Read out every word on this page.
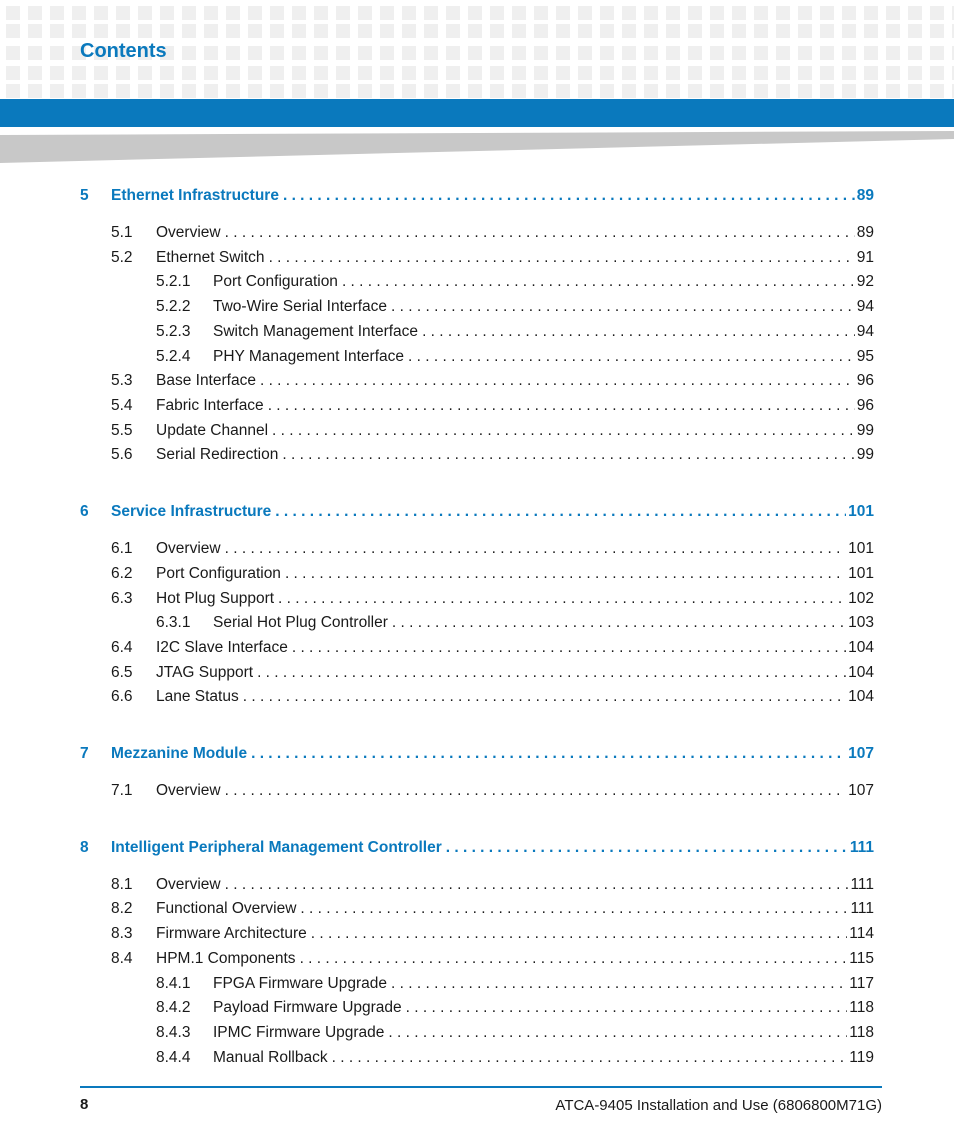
Contents
5	Ethernet Infrastructure . . .	89
5.1	Overview . . .	89
5.2	Ethernet Switch . . .	91
5.2.1	Port Configuration . . .	92
5.2.2	Two-Wire Serial Interface . . .	94
5.2.3	Switch Management Interface . . .	94
5.2.4	PHY Management Interface . . .	95
5.3	Base Interface . . .	96
5.4	Fabric Interface . . .	96
5.5	Update Channel . . .	99
5.6	Serial Redirection . . .	99
6	Service Infrastructure . . .	101
6.1	Overview . . .	101
6.2	Port Configuration . . .	101
6.3	Hot Plug Support . . .	102
6.3.1	Serial Hot Plug Controller . . .	103
6.4	I2C Slave Interface . . .	104
6.5	JTAG Support . . .	104
6.6	Lane Status . . .	104
7	Mezzanine Module . . .	107
7.1	Overview . . .	107
8	Intelligent Peripheral Management Controller . . .	111
8.1	Overview . . .	111
8.2	Functional Overview . . .	111
8.3	Firmware Architecture . . .	114
8.4	HPM.1 Components . . .	115
8.4.1	FPGA Firmware Upgrade . . .	117
8.4.2	Payload Firmware Upgrade . . .	118
8.4.3	IPMC Firmware Upgrade . . .	118
8.4.4	Manual Rollback . . .	119
8	ATCA-9405 Installation and Use (6806800M71G)
